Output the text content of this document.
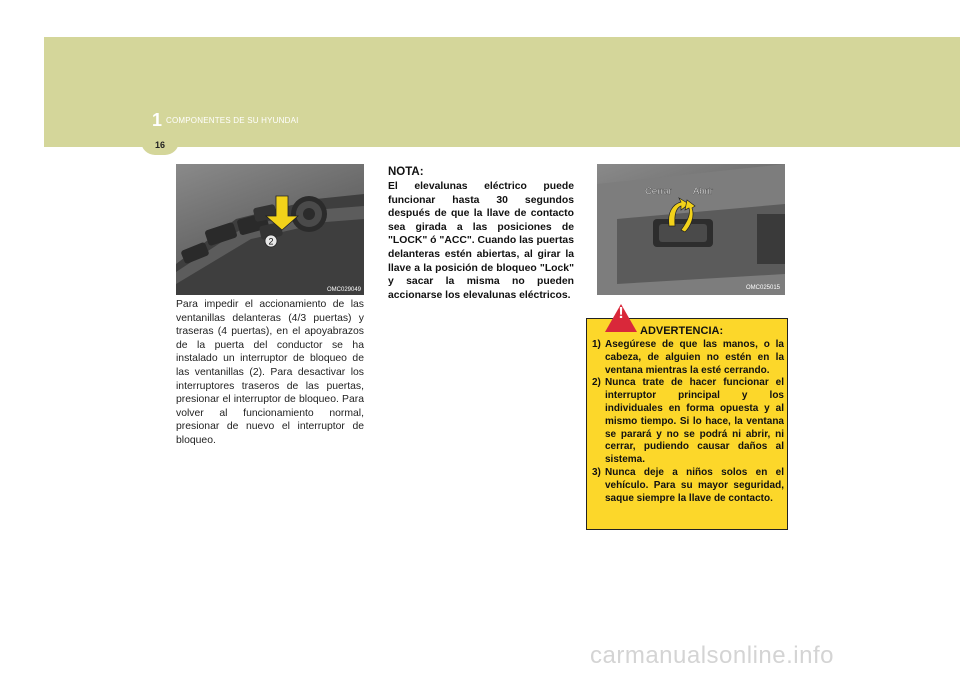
1 COMPONENTES DE SU HYUNDAI
16
2
OMC029049
Para impedir el accionamiento de las ventanillas delanteras (4/3 puertas) y traseras (4 puertas), en el apoyabrazos de la puerta del conductor se ha instalado un interruptor de bloqueo de las ventanillas (2). Para desactivar los interruptores traseros de las puertas, presionar el interruptor de bloqueo. Para volver al funcionamiento normal, presionar de nuevo el interruptor de bloqueo.
NOTA:
El elevalunas eléctrico puede funcionar hasta 30 segundos después de que la llave de contacto sea girada a las posiciones de "LOCK" ó "ACC". Cuando las puertas delanteras estén abiertas, al girar la llave a la posición de bloqueo "Lock" y sacar la misma no pueden accionarse los elevalunas eléctricos.
Cerrar Abrir
OMC025015
!
ADVERTENCIA:
1) Asegúrese de que las manos, o la cabeza, de alguien no estén en la ventana mientras la esté cerrando.
2) Nunca trate de hacer funcionar el interruptor principal y los individuales en forma opuesta y al mismo tiempo. Si lo hace, la ventana se parará y no se podrá ni abrir, ni cerrar, pudiendo causar daños al sistema.
3) Nunca deje a niños solos en el vehículo. Para su mayor seguridad, saque siempre la llave de contacto.
carmanualsonline.info
